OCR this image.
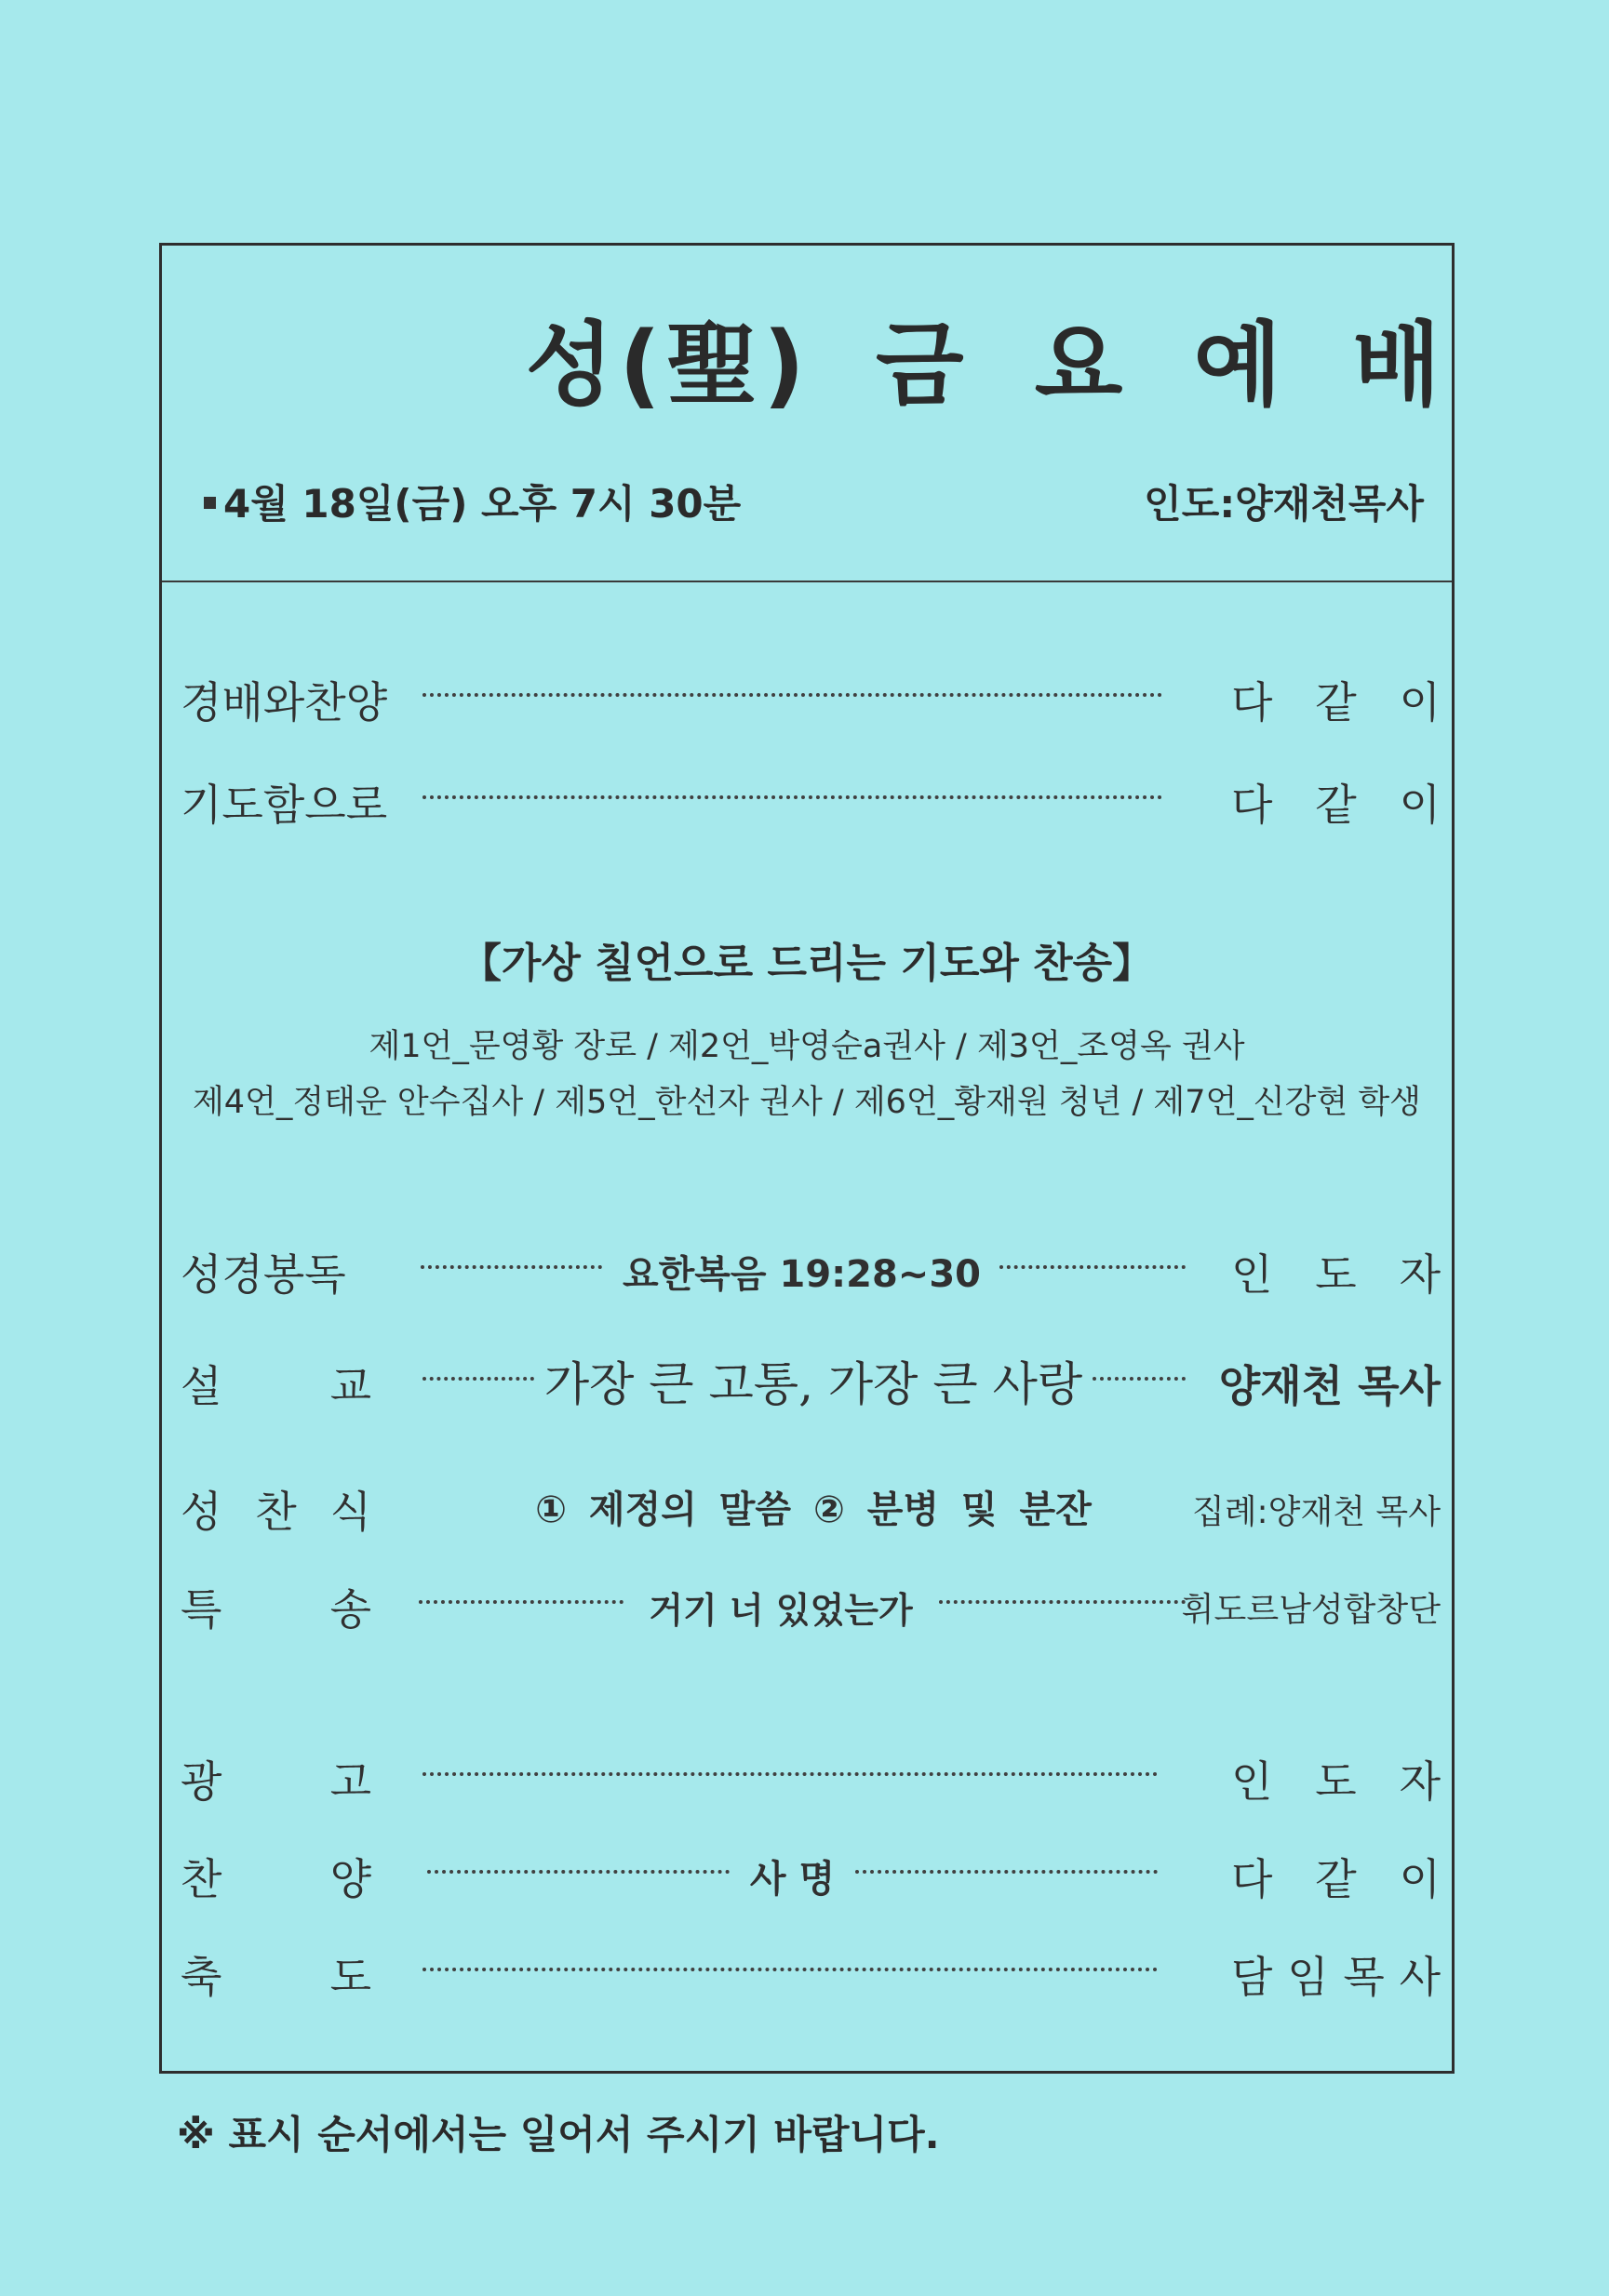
성(聖) 금 요 예 배
4월 18일(금) 오후 7시 30분	인도:양재천목사
경배와찬양	다 같 이
기도함으로	다 같 이
【가상 칠언으로 드리는 기도와 찬송】
제1언_문영황 장로 / 제2언_박영순a권사 / 제3언_조영옥 권사
제4언_정태운 안수집사 / 제5언_한선자 권사 / 제6언_황재원 청년 / 제7언_신강현 학생
성경봉독	요한복음 19:28~30	인 도 자
설	교	가장 큰 고통, 가장 큰 사랑	양재천 목사
성 찬 식	① 제정의 말씀 ② 분병 및 분잔	집례:양재천 목사
특	송	거기 너 있었는가	휘도르남성합창단
광	고	인 도 자
찬	양	사 명	다 같 이
축	도	담 임 목 사
※ 표시 순서에서는 일어서 주시기 바랍니다.
